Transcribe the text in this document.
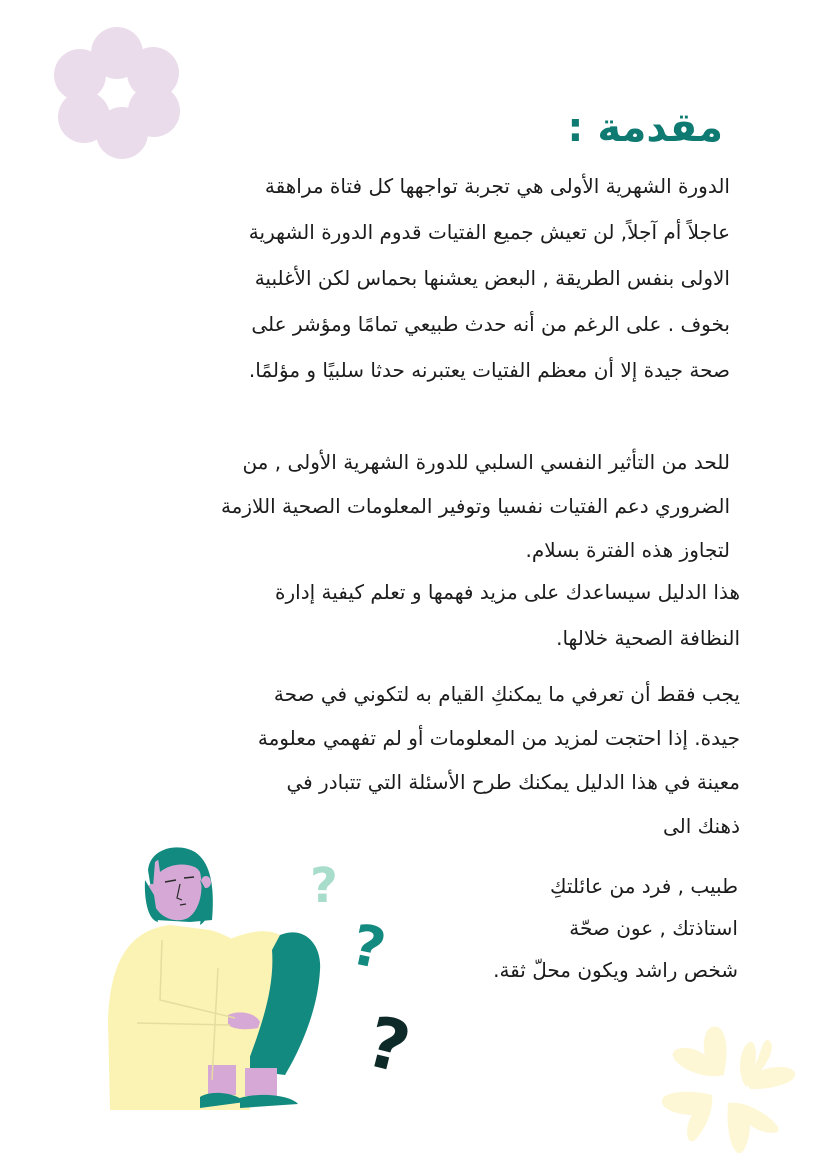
مقدمة :
الدورة الشهرية الأولى هي تجربة تواجهها كل فتاة مراهقة
عاجلاً أم آجلاً, لن تعيش جميع الفتيات قدوم الدورة الشهرية
الاولى بنفس الطريقة , البعض يعشنها بحماس لكن الأغلبية
بخوف . على الرغم من أنه حدث طبيعي تمامًا ومؤشر على
صحة جيدة إلا أن معظم الفتيات يعتبرنه حدثا سلبيًا و مؤلمًا.
للحد من التأثير النفسي السلبي للدورة الشهرية الأولى , من
الضروري دعم الفتيات نفسيا وتوفير المعلومات الصحية اللازمة
لتجاوز هذه الفترة بسلام.
هذا الدليل سيساعدك على مزيد فهمها و تعلم كيفية إدارة
النظافة الصحية خلالها.
يجب فقط أن تعرفي ما يمكنكِ القيام به لتكوني في صحة
جيدة. إذا احتجت لمزيد من المعلومات أو لم تفهمي معلومة
معينة في هذا الدليل يمكنك طرح الأسئلة التي تتبادر في
ذهنك الى
طبيب , فرد من عائلتكِ
استاذتك , عون صحّة
شخص راشد ويكون محلّ ثقة.
?
?
?
